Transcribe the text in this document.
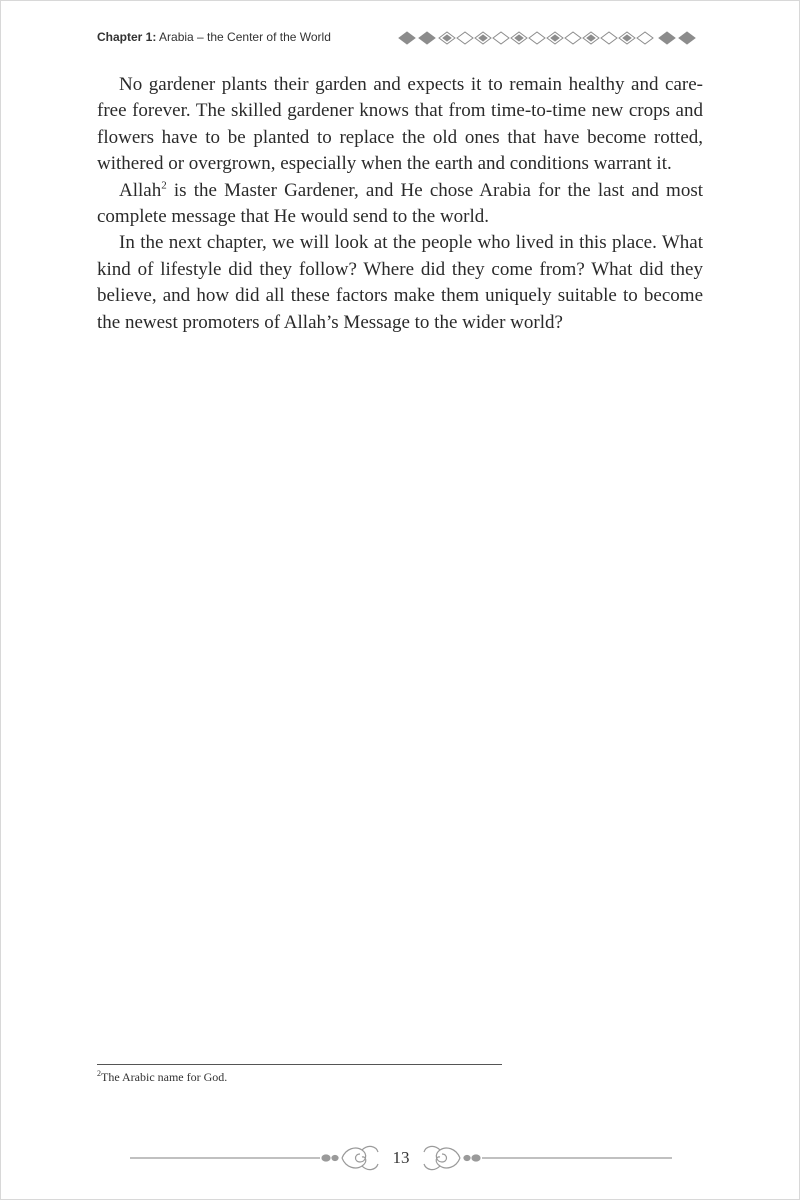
Chapter 1: Arabia – the Center of the World

No gardener plants their garden and expects it to remain healthy and care-free forever. The skilled gardener knows that from time-to-time new crops and flowers have to be planted to replace the old ones that have become rotted, withered or overgrown, especially when the earth and conditions warrant it.

Allah$^2$ is the Master Gardener, and He chose Arabia for the last and most complete message that He would send to the world.

In the next chapter, we will look at the people who lived in this place. What kind of lifestyle did they follow? Where did they come from? What did they believe, and how did all these factors make them uniquely suitable to become the newest promoters of Allah’s Message to the wider world?

$^2$The Arabic name for God.
13
